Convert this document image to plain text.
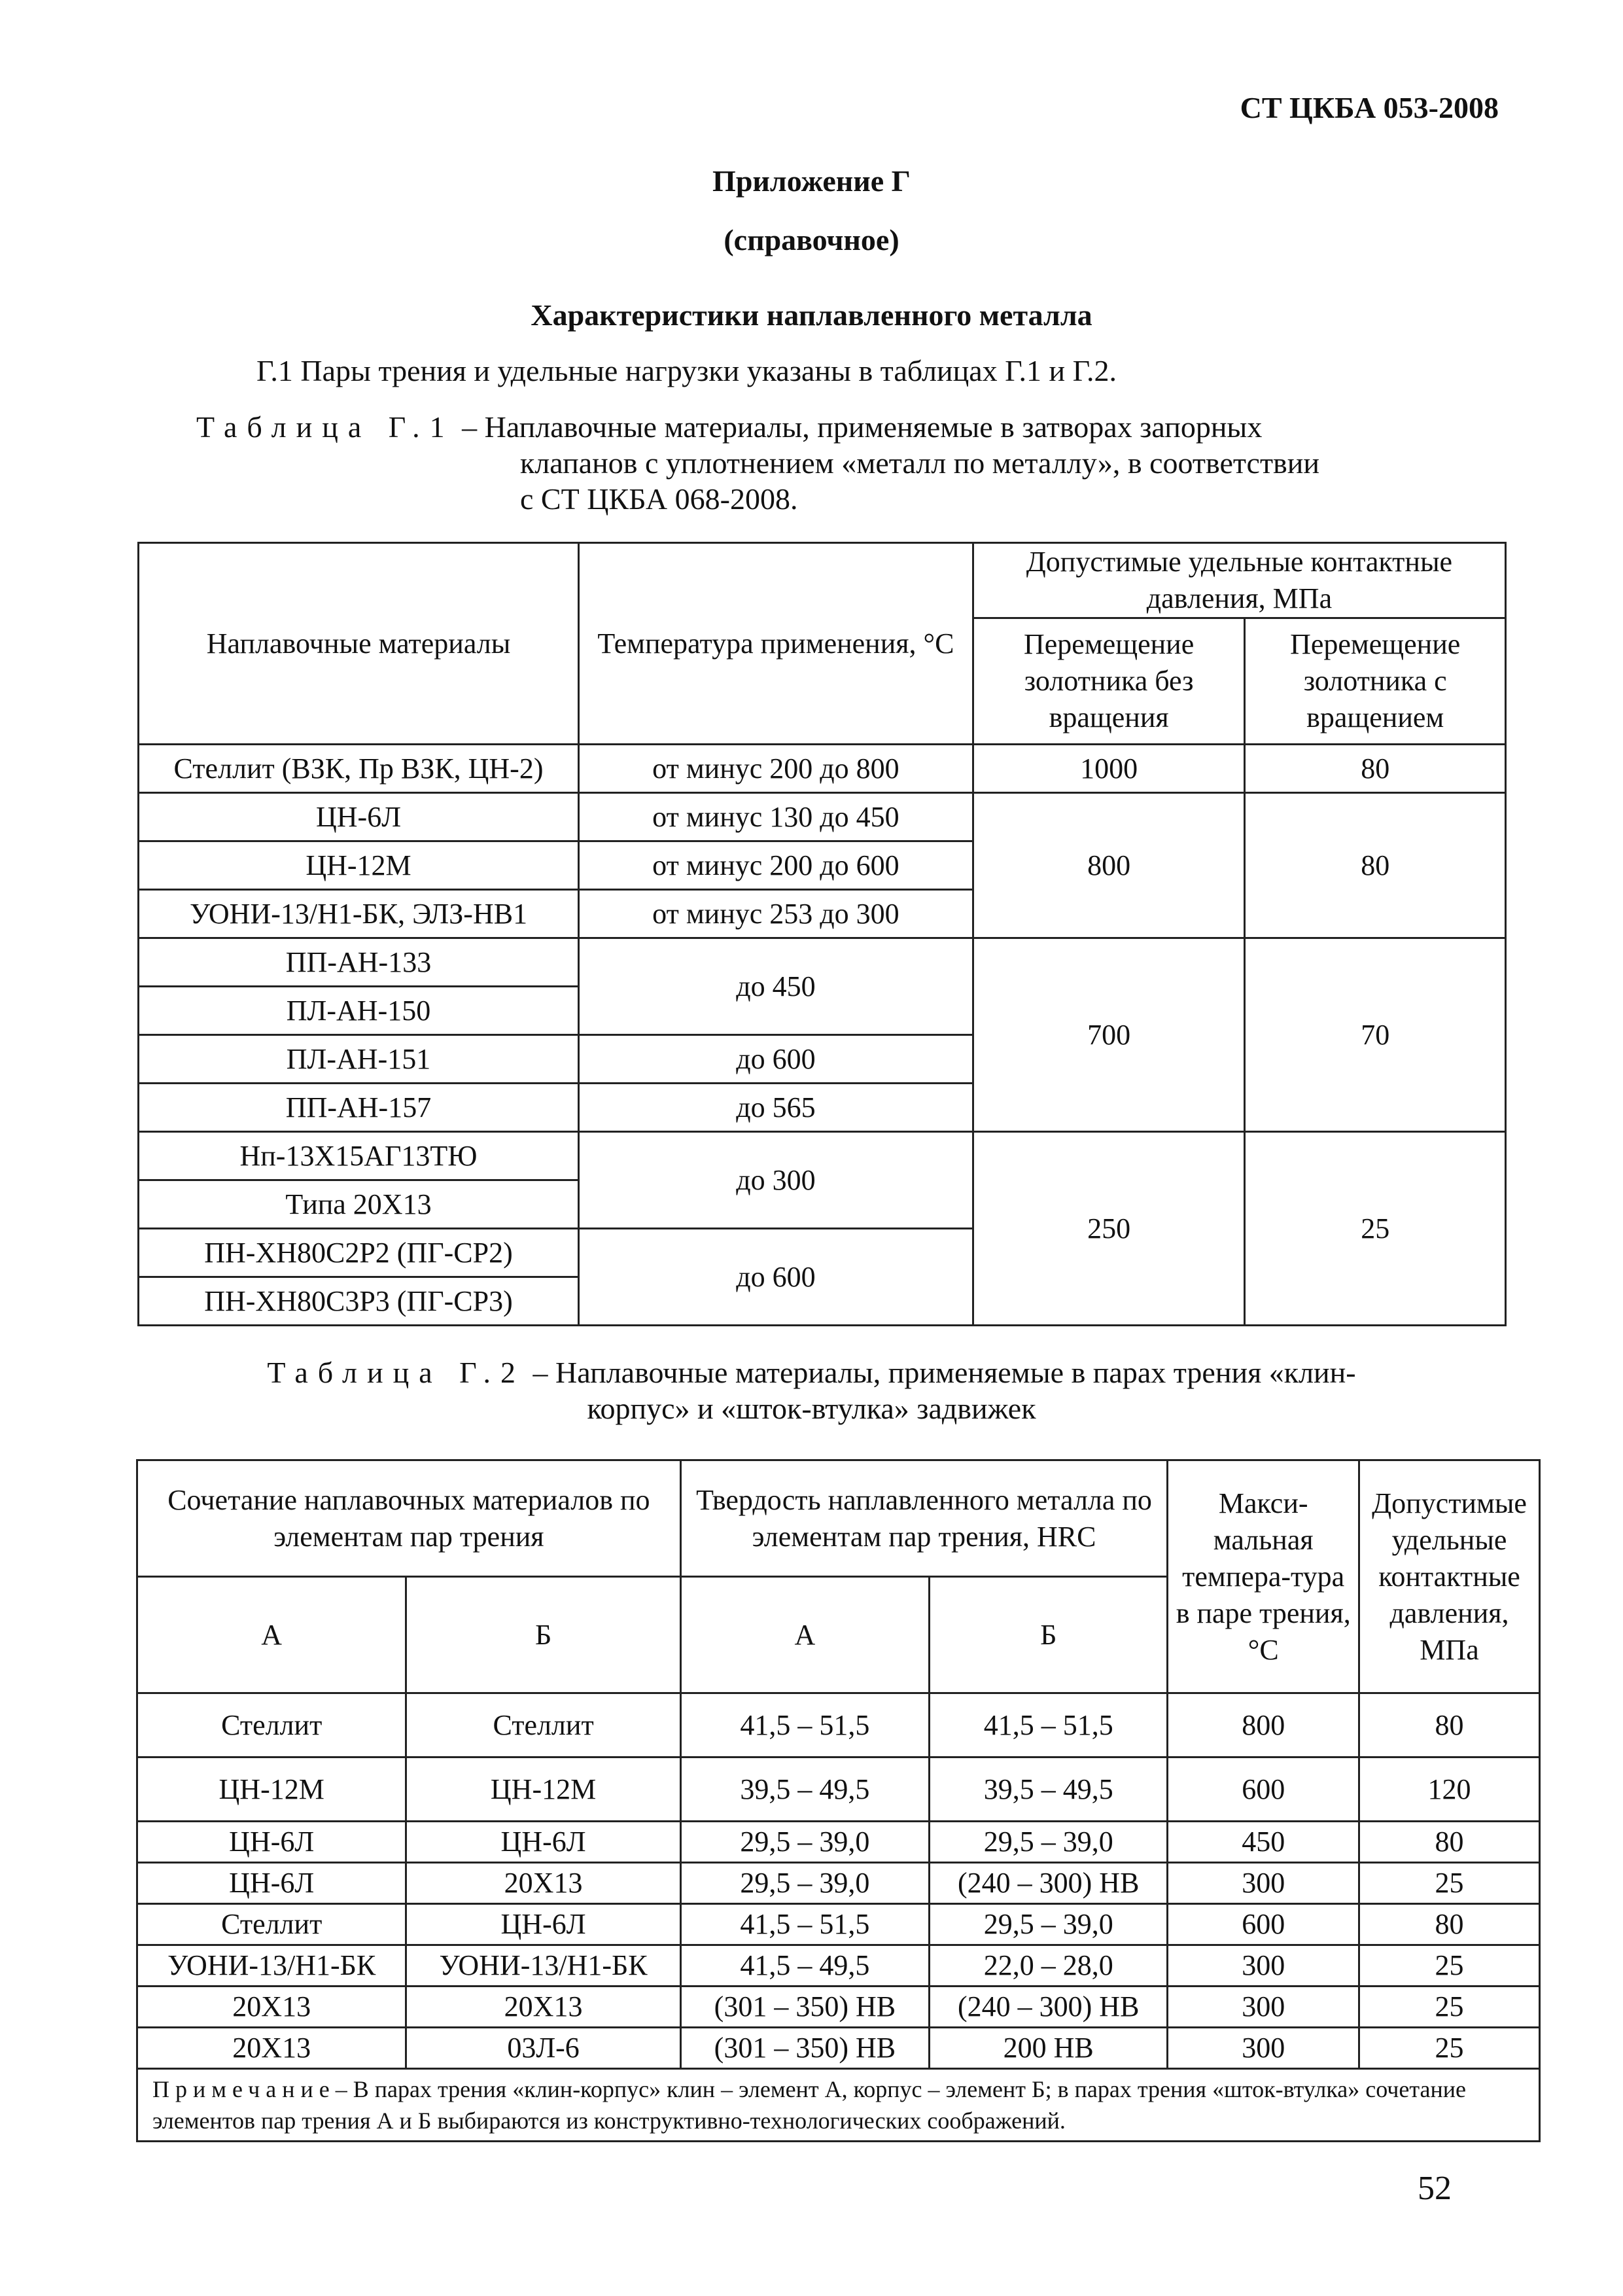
СТ ЦКБА 053-2008
Приложение Г
(справочное)
Характеристики наплавленного металла
Г.1 Пары трения и удельные нагрузки указаны в таблицах Г.1 и Г.2.
Таблица Г.1 – Наплавочные материалы, применяемые в затворах запорных
клапанов с уплотнением «металл по металлу», в соответствии
с СТ ЦКБА 068-2008.
Наплавочные материалы	Температура применения, °C	Допустимые удельные контактные давления, МПа	
		Перемещение золотника без вращения	Перемещение золотника с вращением
Стеллит (ВЗК, Пр ВЗК, ЦН-2)	от минус 200 до 800	1000	80
ЦН-6Л	от минус 130 до 450	800	80
ЦН-12М	от минус 200 до 600		
УОНИ-13/Н1-БК, ЭЛЗ-НВ1	от минус 253 до 300		
ПП-АН-133	до 450	700	70
ПЛ-АН-150			
ПЛ-АН-151	до 600		
ПП-АН-157	до 565		
Нп-13Х15АГ13ТЮ	до 300	250	25
Типа 20Х13			
ПН-ХН80С2Р2 (ПГ-СР2)	до 600		
ПН-ХН80С3Р3 (ПГ-СР3)			
Таблица Г.2 – Наплавочные материалы, применяемые в парах трения «клин-
корпус» и «шток-втулка» задвижек
Сочетание наплавочных материалов по элементам пар трения		Твердость наплавленного металла по элементам пар трения, HRC		Макси-мальная темпера-тура в паре трения, °C	Допустимые удельные контактные давления, МПа
А	Б	А	Б		
Стеллит	Стеллит	41,5 – 51,5	41,5 – 51,5	800	80
ЦН-12М	ЦН-12М	39,5 – 49,5	39,5 – 49,5	600	120
ЦН-6Л	ЦН-6Л	29,5 – 39,0	29,5 – 39,0	450	80
ЦН-6Л	20Х13	29,5 – 39,0	(240 – 300) НВ	300	25
Стеллит	ЦН-6Л	41,5 – 51,5	29,5 – 39,0	600	80
УОНИ-13/Н1-БК	УОНИ-13/Н1-БК	41,5 – 49,5	22,0 – 28,0	300	25
20Х13	20Х13	(301 – 350) НВ	(240 – 300) НВ	300	25
20Х13	03Л-6	(301 – 350) НВ	200 НВ	300	25
Примечание– В парах трения «клин-корпус» клин – элемент А, корпус – элемент Б; в парах трения «шток-втулка» сочетание элементов пар трения А и Б выбираются из конструктивно-технологических соображений.					
52
